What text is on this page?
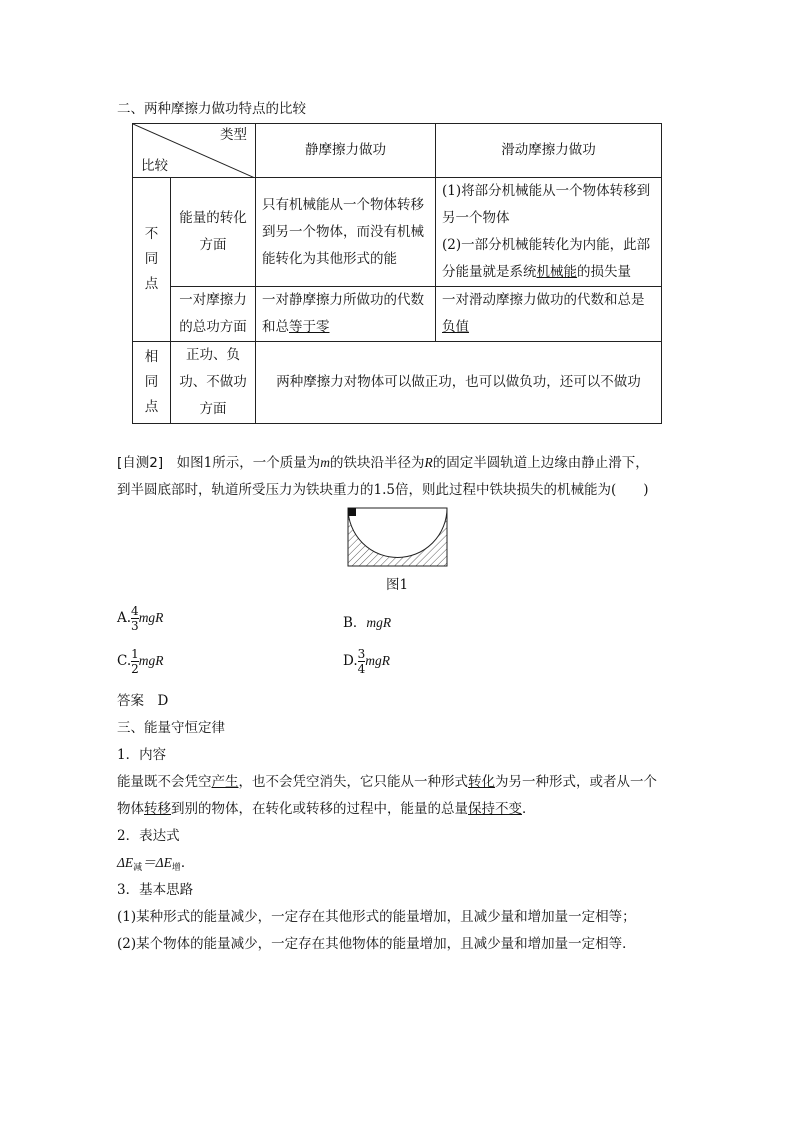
二、两种摩擦力做功特点的比较
类型
比较		静摩擦力做功	滑动摩擦力做功

不同点	能量的转化方面	只有机械能从一个物体转移到另一个物体，而没有机械能转化为其他形式的能	(1)将部分机械能从一个物体转移到另一个物体
(2)一部分机械能转化为内能，此部分能量就是系统机械能的损失量
	一对摩擦力的总功方面	一对静摩擦力所做功的代数和总等于零	一对滑动摩擦力做功的代数和总是负值

相同点	正功、负功、不做功方面	两种摩擦力对物体可以做正功，也可以做负功，还可以不做功	
[自测2]　 如图1所示，一个质量为m的铁块沿半径为R的固定半圆轨道上边缘由静止滑下，
到半圆底部时，轨道所受压力为铁块重力的1.5倍，则此过程中铁块损失的机械能为(　　)
图1
A. $\frac{4}{3}$ mgR	B．mgR
C. $\frac{1}{2}$ mgR	D. $\frac{3}{4}$ mgR
答案　D
三、能量守恒定律
1．内容
能量既不会凭空产生，也不会凭空消失，它只能从一种形式转化为另一种形式，或者从一个
物体转移到别的物体，在转化或转移的过程中，能量的总量保持不变．
2．表达式
$\Delta E_减=\Delta E_增$．
3．基本思路
(1)某种形式的能量减少，一定存在其他形式的能量增加，且减少量和增加量一定相等；
(2)某个物体的能量减少，一定存在其他物体的能量增加，且减少量和增加量一定相等．
